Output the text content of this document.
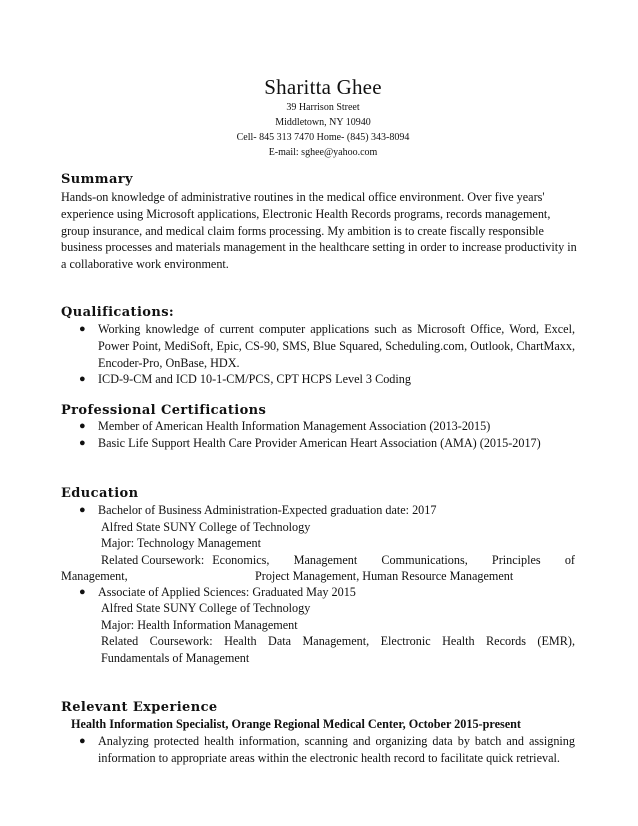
Sharitta Ghee
39 Harrison Street
Middletown, NY 10940
Cell- 845 313 7470 Home- (845) 343-8094
E-mail: sghee@yahoo.com
Summary
Hands-on knowledge of administrative routines in the medical office environment. Over five years' experience using Microsoft applications, Electronic Health Records programs, records management, group insurance, and medical claim forms processing. My ambition is to create fiscally responsible business processes and materials management in the healthcare setting in order to increase productivity in a collaborative work environment.
Qualifications:
● Working knowledge of current computer applications such as Microsoft Office, Word, Excel, Power Point, MediSoft, Epic, CS-90, SMS, Blue Squared, Scheduling.com, Outlook, ChartMaxx, Encoder-Pro, OnBase, HDX.
● ICD-9-CM and ICD 10-1-CM/PCS, CPT HCPS Level 3 Coding
Professional Certifications
● Member of American Health Information Management Association (2013-2015)
● Basic Life Support Health Care Provider American Heart Association (AMA) (2015-2017)
Education
● Bachelor of Business Administration-Expected graduation date: 2017
Alfred State SUNY College of Technology
Major: Technology Management
Related Coursework: Economics, Management Communications, Principles of
Management,	Project Management, Human Resource Management
● Associate of Applied Sciences: Graduated May 2015
Alfred State SUNY College of Technology
Major: Health Information Management
Related Coursework: Health Data Management, Electronic Health Records (EMR),
Fundamentals of Management
Relevant Experience
Health Information Specialist, Orange Regional Medical Center, October 2015-present
● Analyzing protected health information, scanning and organizing data by batch and assigning information to appropriate areas within the electronic health record to facilitate quick retrieval.
